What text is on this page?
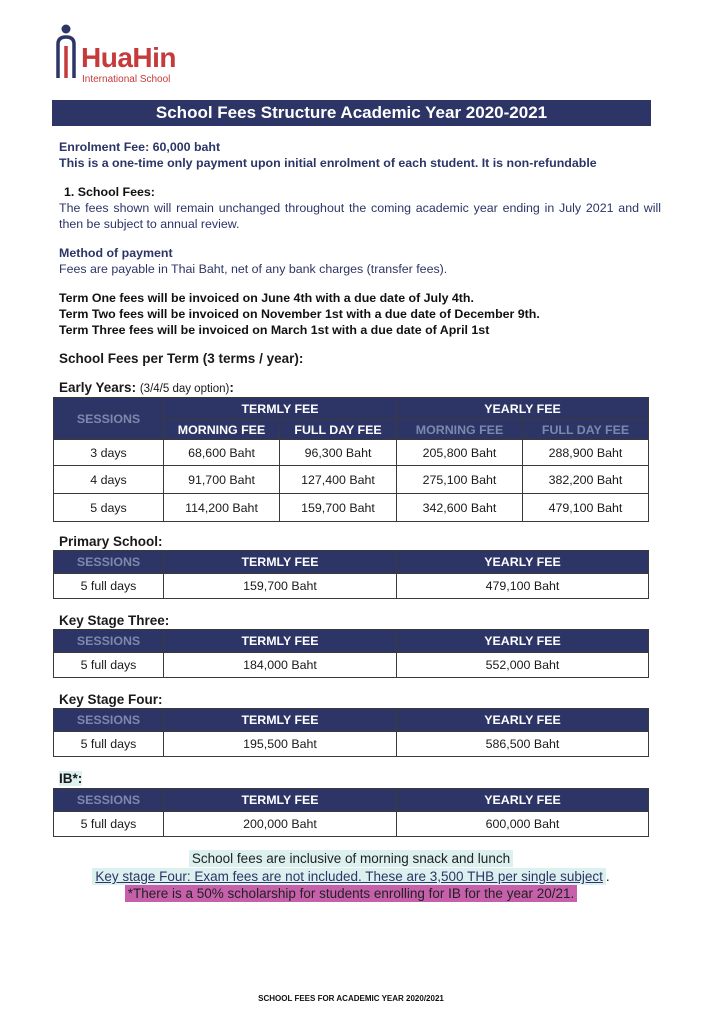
HuaHin
International School
School Fees Structure Academic Year 2020-2021
Enrolment Fee: 60,000 baht
This is a one-time only payment upon initial enrolment of each student. It is non-refundable
1. School Fees:
The fees shown will remain unchanged throughout the coming academic year ending in July 2021 and will then be subject to annual review.
Method of payment
Fees are payable in Thai Baht, net of any bank charges (transfer fees).
Term One fees will be invoiced on June 4th with a due date of July 4th.
Term Two fees will be invoiced on November 1st with a due date of December 9th.
Term Three fees will be invoiced on March 1st with a due date of April 1st
School Fees per Term (3 terms / year):
Early Years: (3/4/5 day option):
SESSIONS	TERMLY FEE		YEARLY FEE	
	MORNING FEE	FULL DAY FEE	MORNING FEE	FULL DAY FEE
3 days	68,600 Baht	96,300 Baht	205,800 Baht	288,900 Baht
4 days	91,700 Baht	127,400 Baht	275,100 Baht	382,200 Baht
5 days	114,200 Baht	159,700 Baht	342,600 Baht	479,100 Baht
Primary School:
SESSIONS	TERMLY FEE	YEARLY FEE
5 full days	159,700 Baht	479,100 Baht
Key Stage Three:
SESSIONS	TERMLY FEE	YEARLY FEE
5 full days	184,000 Baht	552,000 Baht
Key Stage Four:
SESSIONS	TERMLY FEE	YEARLY FEE
5 full days	195,500 Baht	586,500 Baht
IB*:
SESSIONS	TERMLY FEE	YEARLY FEE
5 full days	200,000 Baht	600,000 Baht
School fees are inclusive of morning snack and lunch
Key stage Four: Exam fees are not included. These are 3,500 THB per single subject .
*There is a 50% scholarship for students enrolling for IB for the year 20/21.
SCHOOL FEES FOR ACADEMIC YEAR 2020/2021
